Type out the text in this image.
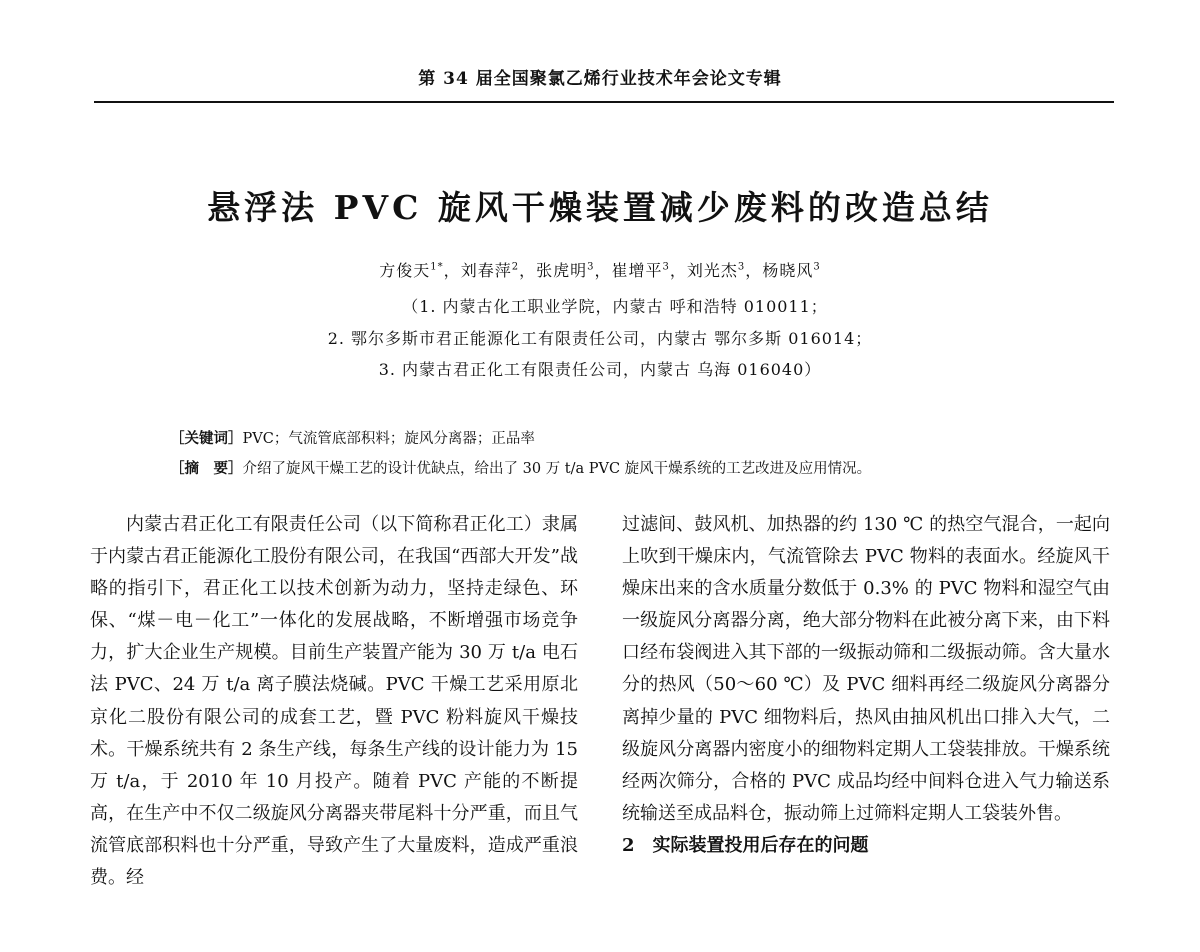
第 34 届全国聚氯乙烯行业技术年会论文专辑
悬浮法 PVC 旋风干燥装置减少废料的改造总结
方俊天$^{1*}$，刘春萍$^2$，张虎明$^3$，崔增平$^3$，刘光杰$^3$，杨晓风$^3$
（1. 内蒙古化工职业学院，内蒙古 呼和浩特 010011；
2. 鄂尔多斯市君正能源化工有限责任公司，内蒙古 鄂尔多斯 016014；
3. 内蒙古君正化工有限责任公司，内蒙古 乌海 016040）
［关键词］PVC；气流管底部积料；旋风分离器；正品率
［摘　要］介绍了旋风干燥工艺的设计优缺点，给出了 30 万 t/a PVC 旋风干燥系统的工艺改进及应用情况。

内蒙古君正化工有限责任公司（以下简称君正化工）隶属于内蒙古君正能源化工股份有限公司，在我国“西部大开发”战略的指引下，君正化工以技术创新为动力，坚持走绿色、环保、“煤－电－化工”一体化的发展战略，不断增强市场竞争力，扩大企业生产规模。目前生产装置产能为 30 万 t/a 电石法 PVC、24 万 t/a 离子膜法烧碱。PVC 干燥工艺采用原北京化二股份有限公司的成套工艺，暨 PVC 粉料旋风干燥技术。干燥系统共有 2 条生产线，每条生产线的设计能力为 15 万 t/a，于 2010 年 10 月投产。随着 PVC 产能的不断提高，在生产中不仅二级旋风分离器夹带尾料十分严重，而且气流管底部积料也十分严重，导致产生了大量废料，造成严重浪费。经

过滤间、鼓风机、加热器的约 130 ℃ 的热空气混合，一起向上吹到干燥床内，气流管除去 PVC 物料的表面水。经旋风干燥床出来的含水质量分数低于 0.3% 的 PVC 物料和湿空气由一级旋风分离器分离，绝大部分物料在此被分离下来，由下料口经布袋阀进入其下部的一级振动筛和二级振动筛。含大量水分的热风（50～60 ℃）及 PVC 细料再经二级旋风分离器分离掉少量的 PVC 细物料后，热风由抽风机出口排入大气，二级旋风分离器内密度小的细物料定期人工袋装排放。干燥系统经两次筛分，合格的 PVC 成品均经中间料仓进入气力输送系统输送至成品料仓，振动筛上过筛料定期人工袋装外售。

2　实际装置投用后存在的问题
